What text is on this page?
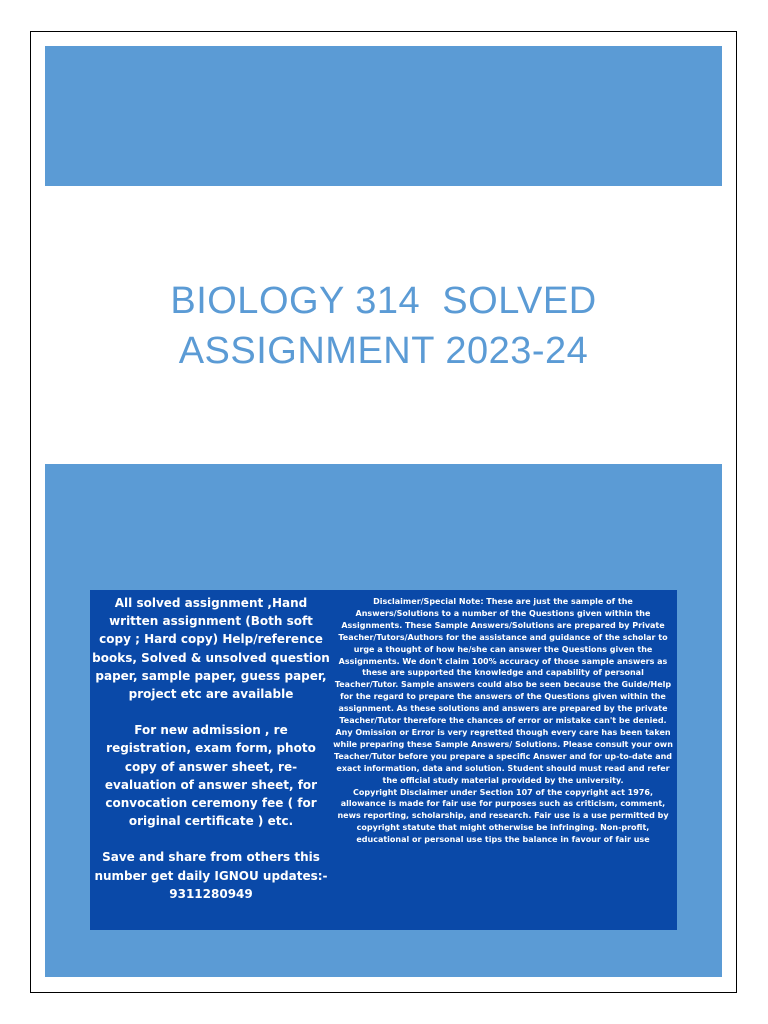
BIOLOGY 314  SOLVED
ASSIGNMENT 2023-24

All solved assignment ,Hand written assignment (Both soft copy ; Hard copy) Help/reference books, Solved & unsolved question paper, sample paper, guess paper, project etc are available

For new admission , re registration, exam form, photo copy of answer sheet, re-evaluation of answer sheet, for convocation ceremony fee ( for original certificate ) etc.

Save and share from others this number get daily IGNOU updates:- 9311280949

Disclaimer/Special Note: These are just the sample of the Answers/Solutions to a number of the Questions given within the Assignments. These Sample Answers/Solutions are prepared by Private Teacher/Tutors/Authors for the assistance and guidance of the scholar to urge a thought of how he/she can answer the Questions given the Assignments. We don't claim 100% accuracy of those sample answers as these are supported the knowledge and capability of personal Teacher/Tutor. Sample answers could also be seen because the Guide/Help for the regard to prepare the answers of the Questions given within the assignment. As these solutions and answers are prepared by the private Teacher/Tutor therefore the chances of error or mistake can't be denied. Any Omission or Error is very regretted though every care has been taken while preparing these Sample Answers/ Solutions. Please consult your own Teacher/Tutor before you prepare a specific Answer and for up-to-date and exact information, data and solution. Student should must read and refer the official study material provided by the university.

Copyright Disclaimer under Section 107 of the copyright act 1976, allowance is made for fair use for purposes such as criticism, comment, news reporting, scholarship, and research. Fair use is a use permitted by copyright statute that might otherwise be infringing. Non-profit, educational or personal use tips the balance in favour of fair use
